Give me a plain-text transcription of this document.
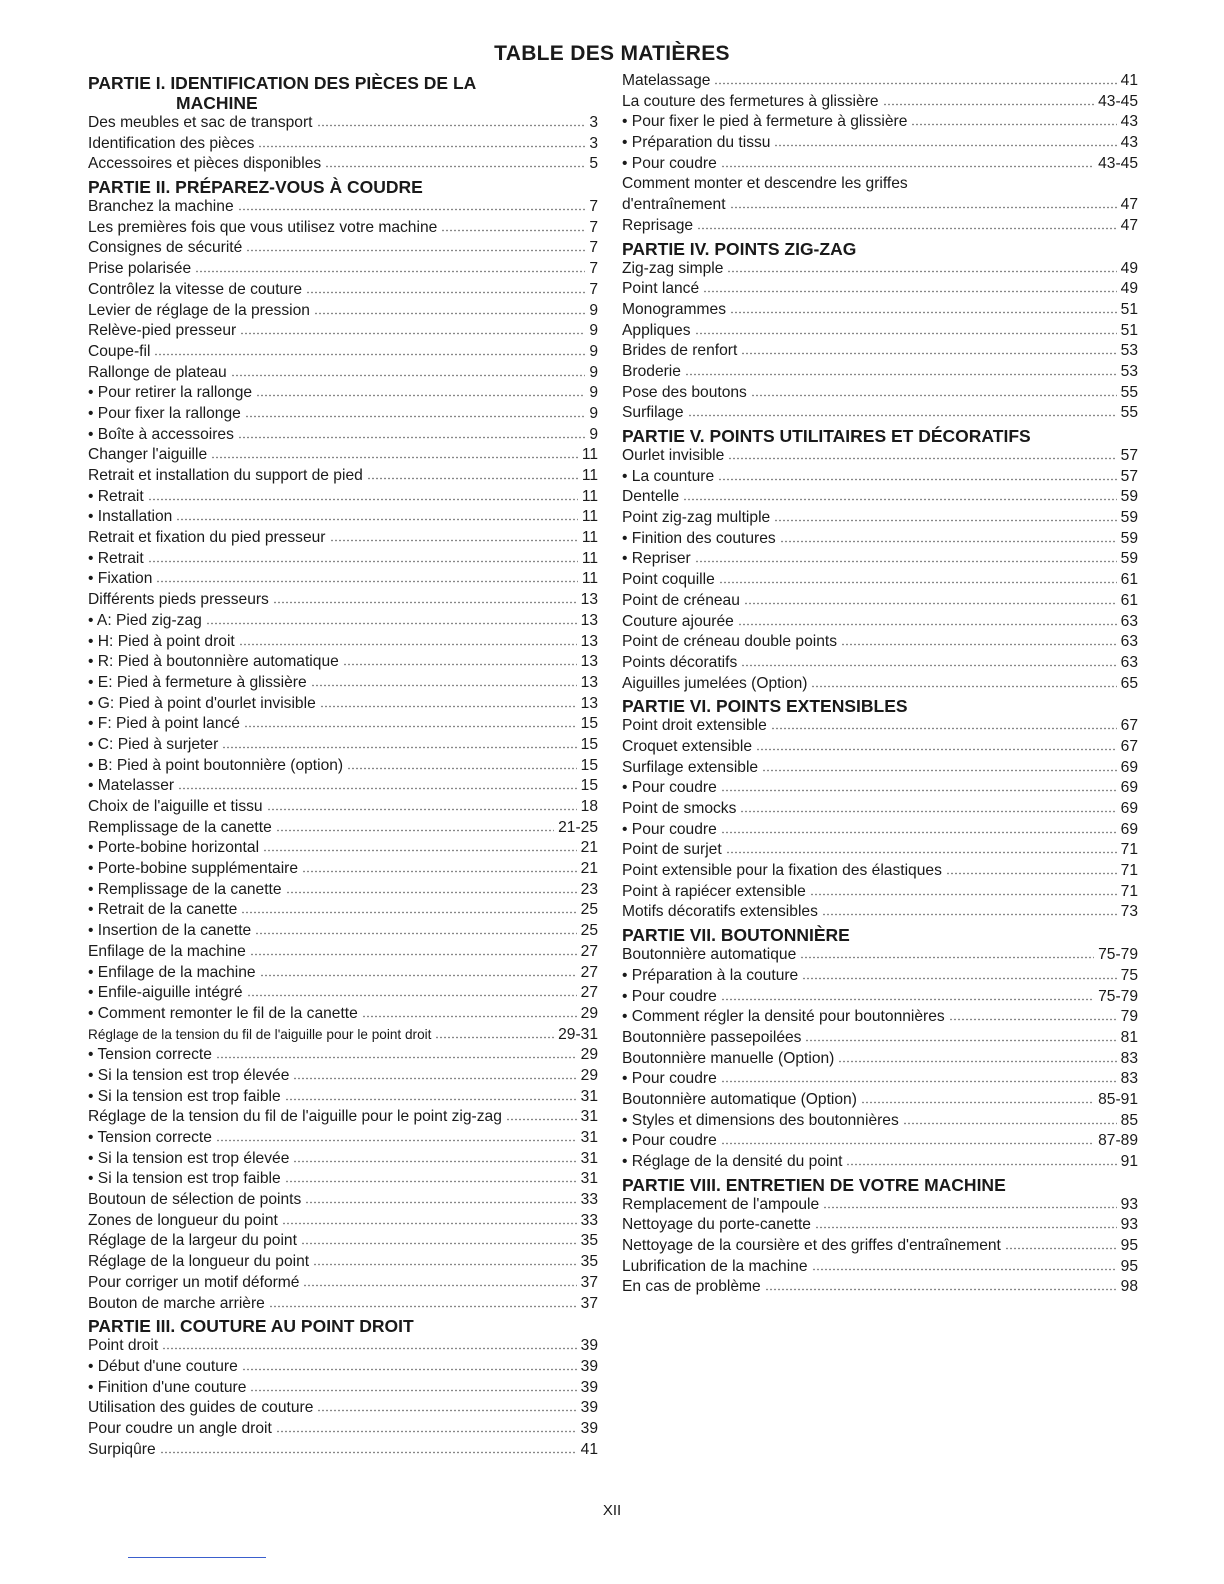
TABLE DES MATIÈRES
PARTIE I. IDENTIFICATION DES PIÈCES DE LA
MACHINE
Des meubles et sac de transport	3
Identification des pièces	3
Accessoires et pièces disponibles	5
PARTIE II. PRÉPAREZ-VOUS À COUDRE
Branchez la machine	7
Les premières fois que vous utilisez votre machine	7
Consignes de sécurité	7
Prise polarisée	7
Contrôlez la vitesse de couture	7
Levier de réglage de la pression	9
Relève-pied presseur	9
Coupe-fil	9
Rallonge de plateau	9
• Pour retirer la rallonge	9
• Pour fixer la rallonge	9
• Boîte à accessoires	9
Changer l'aiguille	11
Retrait et installation du support de pied	11
• Retrait	11
• Installation	11
Retrait et fixation du pied presseur	11
• Retrait	11
• Fixation	11
Différents pieds presseurs	13
• A: Pied zig-zag	13
• H: Pied à point droit	13
• R: Pied à boutonnière automatique	13
• E: Pied à fermeture à glissière	13
• G: Pied à point d'ourlet invisible	13
• F: Pied à point lancé	15
• C: Pied à surjeter	15
• B: Pied à point boutonnière (option)	15
• Matelasser	15
Choix de l'aiguille et tissu	18
Remplissage de la canette	21-25
• Porte-bobine horizontal	21
• Porte-bobine supplémentaire	21
• Remplissage de la canette	23
• Retrait de la canette	25
• Insertion de la canette	25
Enfilage de la machine	27
• Enfilage de la machine	27
• Enfile-aiguille intégré	27
• Comment remonter le fil de la canette	29
Réglage de la tension du fil de l'aiguille pour le point droit	29-31
• Tension correcte	29
• Si la tension est trop élevée	29
• Si la tension est trop faible	31
Réglage de la tension du fil de l'aiguille pour le point zig-zag	31
• Tension correcte	31
• Si la tension est trop élevée	31
• Si la tension est trop faible	31
Boutoun de sélection de points	33
Zones de longueur du point	33
Réglage de la largeur du point	35
Réglage de la longueur du point	35
Pour corriger un motif déformé	37
Bouton de marche arrière	37
PARTIE III. COUTURE AU POINT DROIT
Point droit	39
• Début d'une couture	39
• Finition d'une couture	39
Utilisation des guides de couture	39
Pour coudre un angle droit	39
Surpiqûre	41
Matelassage	41
La couture des fermetures à glissière	43-45
• Pour fixer le pied à fermeture à glissière	43
• Préparation du tissu	43
• Pour coudre	43-45
Comment monter et descendre les griffes
d'entraînement	47
Reprisage	47
PARTIE IV. POINTS ZIG-ZAG
Zig-zag simple	49
Point lancé	49
Monogrammes	51
Appliques	51
Brides de renfort	53
Broderie	53
Pose des boutons	55
Surfilage	55
PARTIE V. POINTS UTILITAIRES ET DÉCORATIFS
Ourlet invisible	57
• La counture	57
Dentelle	59
Point zig-zag multiple	59
• Finition des coutures	59
• Repriser	59
Point coquille	61
Point de créneau	61
Couture ajourée	63
Point de créneau double points	63
Points décoratifs	63
Aiguilles jumelées (Option)	65
PARTIE VI. POINTS EXTENSIBLES
Point droit extensible	67
Croquet extensible	67
Surfilage extensible	69
• Pour coudre	69
Point de smocks	69
• Pour coudre	69
Point de surjet	71
Point extensible pour la fixation des élastiques	71
Point à rapiécer extensible	71
Motifs décoratifs extensibles	73
PARTIE VII. BOUTONNIÈRE
Boutonnière automatique	75-79
• Préparation à la couture	75
• Pour coudre	75-79
• Comment régler la densité pour boutonnières	79
Boutonnière passepoilées	81
Boutonnière manuelle (Option)	83
• Pour coudre	83
Boutonnière automatique (Option)	85-91
• Styles et dimensions des boutonnières	85
• Pour coudre	87-89
• Réglage de la densité du point	91
PARTIE VIII. ENTRETIEN DE VOTRE MACHINE
Remplacement de l'ampoule	93
Nettoyage du porte-canette	93
Nettoyage de la coursière et des griffes d'entraînement	95
Lubrification de la machine	95
En cas de problème	98
XII
